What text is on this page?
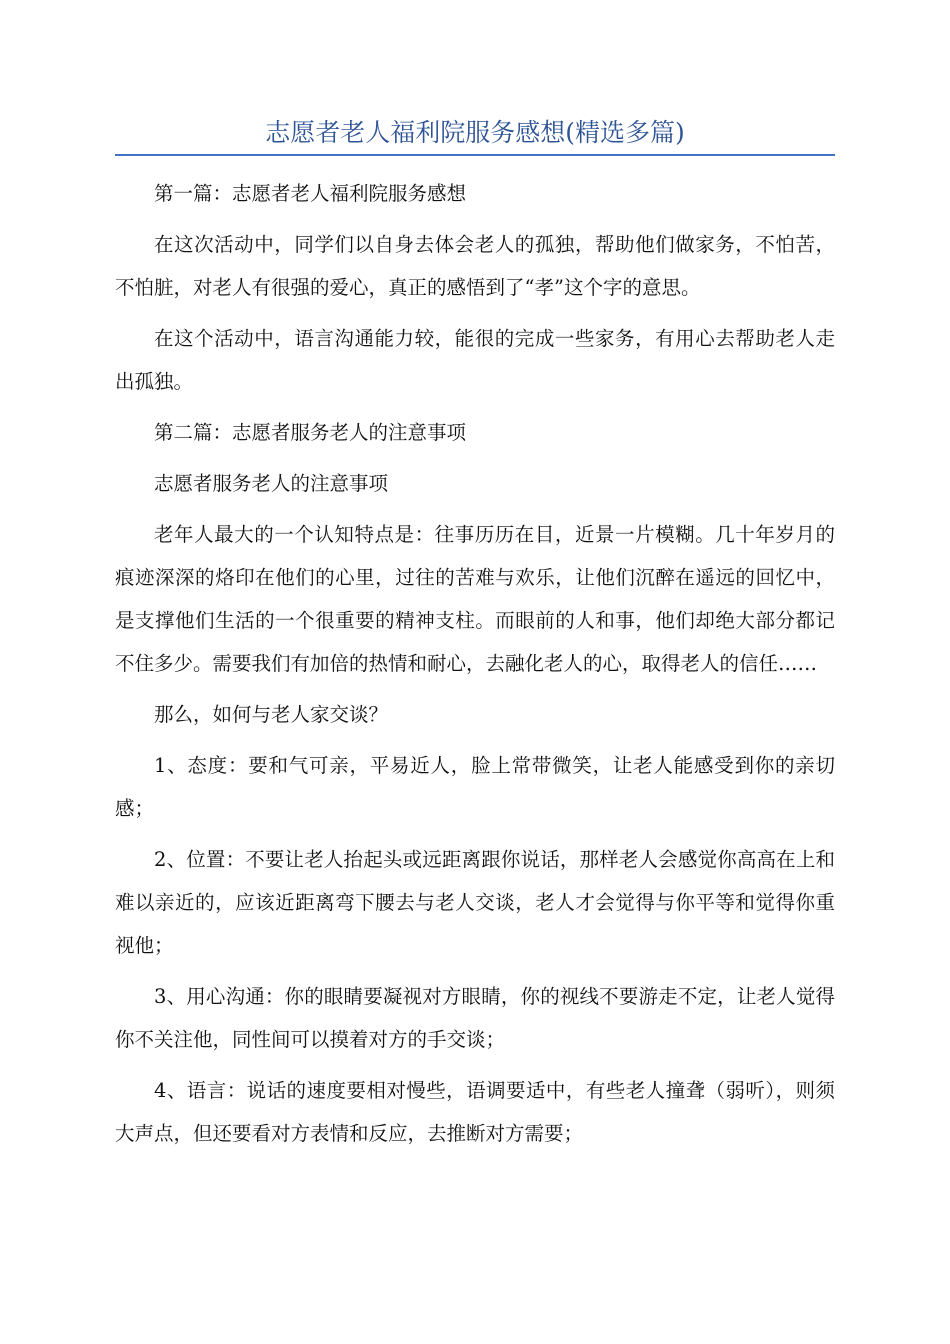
志愿者老人福利院服务感想(精选多篇)

第一篇：志愿者老人福利院服务感想

在这次活动中，同学们以自身去体会老人的孤独，帮助他们做家务，不怕苦，不怕脏，对老人有很强的爱心，真正的感悟到了“孝”这个字的意思。

在这个活动中，语言沟通能力较，能很的完成一些家务，有用心去帮助老人走出孤独。

第二篇：志愿者服务老人的注意事项

志愿者服务老人的注意事项

老年人最大的一个认知特点是：往事历历在目，近景一片模糊。几十年岁月的痕迹深深的烙印在他们的心里，过往的苦难与欢乐，让他们沉醉在遥远的回忆中，是支撑他们生活的一个很重要的精神支柱。而眼前的人和事，他们却绝大部分都记不住多少。需要我们有加倍的热情和耐心，去融化老人的心，取得老人的信任……

那么，如何与老人家交谈？

1、态度：要和气可亲，平易近人，脸上常带微笑，让老人能感受到你的亲切感；

2、位置：不要让老人抬起头或远距离跟你说话，那样老人会感觉你高高在上和难以亲近的，应该近距离弯下腰去与老人交谈，老人才会觉得与你平等和觉得你重视他；

3、用心沟通：你的眼睛要凝视对方眼睛，你的视线不要游走不定，让老人觉得你不关注他，同性间可以摸着对方的手交谈；

4、语言：说话的速度要相对慢些，语调要适中，有些老人撞聋（弱听），则须大声点，但还要看对方表情和反应，去推断对方需要；
